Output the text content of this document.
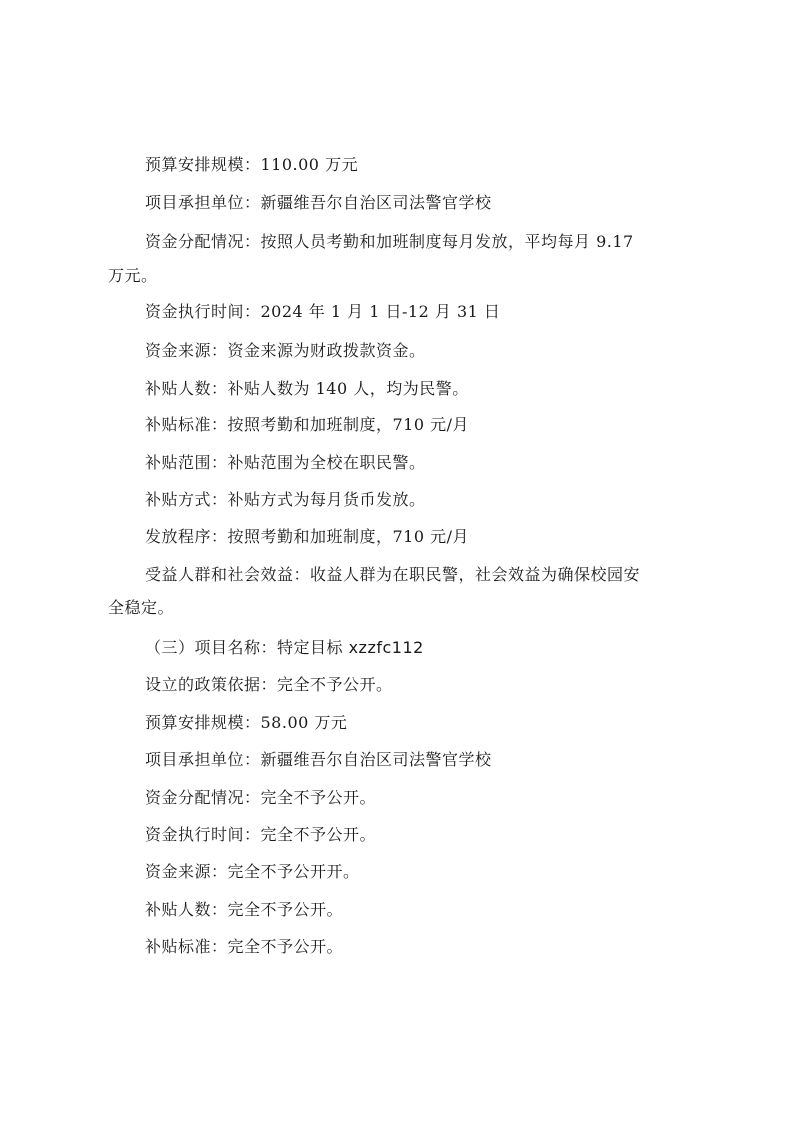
预算安排规模：110.00 万元
项目承担单位：新疆维吾尔自治区司法警官学校
资金分配情况：按照人员考勤和加班制度每月发放，平均每月 9.17
万元。
资金执行时间：2024 年 1 月 1 日-12 月 31 日
资金来源：资金来源为财政拨款资金。
补贴人数：补贴人数为 140 人，均为民警。
补贴标准：按照考勤和加班制度，710 元/月
补贴范围：补贴范围为全校在职民警。
补贴方式：补贴方式为每月货币发放。
发放程序：按照考勤和加班制度，710 元/月
受益人群和社会效益：收益人群为在职民警，社会效益为确保校园安
全稳定。
（三）项目名称：特定目标 xzzfc112
设立的政策依据：完全不予公开。
预算安排规模：58.00 万元
项目承担单位：新疆维吾尔自治区司法警官学校
资金分配情况：完全不予公开。
资金执行时间：完全不予公开。
资金来源：完全不予公开开。
补贴人数：完全不予公开。
补贴标准：完全不予公开。
